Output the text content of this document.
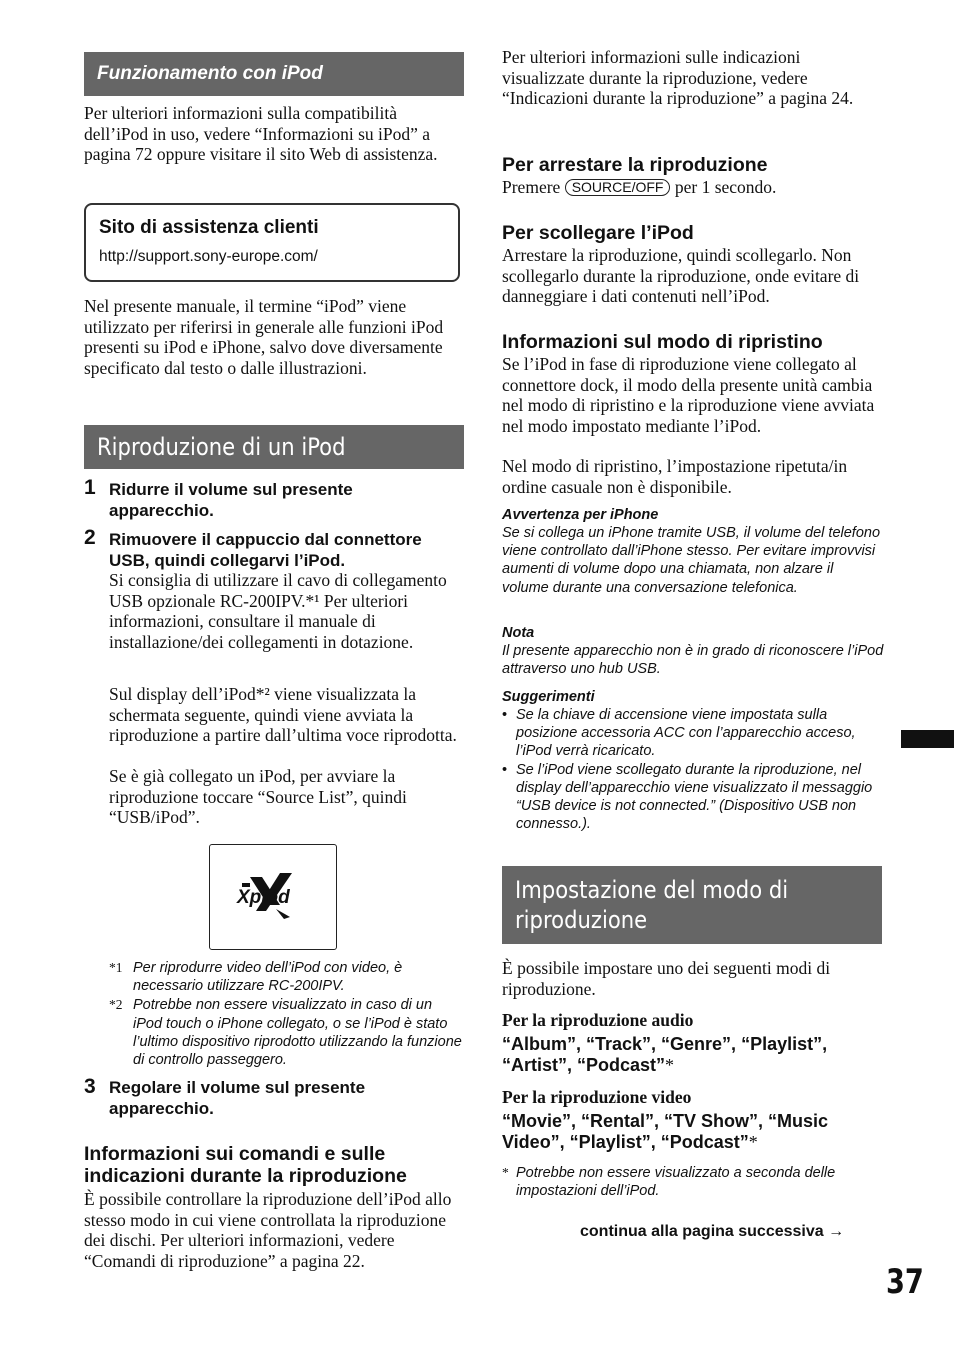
Funzionamento con iPod
Per ulteriori informazioni sulla compatibilità dell’iPod in uso, vedere “Informazioni su iPod” a pagina 72 oppure visitare il sito Web di assistenza.
Sito di assistenza clienti
http://support.sony-europe.com/
Nel presente manuale, il termine “iPod” viene utilizzato per riferirsi in generale alle funzioni iPod presenti su iPod e iPhone, salvo dove diversamente specificato dal testo o dalle illustrazioni.
Riproduzione di un iPod
1 Ridurre il volume sul presente apparecchio.
2 Rimuovere il cappuccio dal connettore USB, quindi collegarvi l’iPod.
Si consiglia di utilizzare il cavo di collegamento USB opzionale RC-200IPV.*¹ Per ulteriori informazioni, consultare il manuale di installazione/dei collegamenti in dotazione.
Sul display dell’iPod*² viene visualizzata la schermata seguente, quindi viene avviata la riproduzione a partire dall’ultima voce riprodotta.
Se è già collegato un iPod, per avviare la riproduzione toccare “Source List”, quindi “USB/iPod”.
Xplōd
*1 Per riprodurre video dell’iPod con video, è necessario utilizzare RC-200IPV.
*2 Potrebbe non essere visualizzato in caso di un iPod touch o iPhone collegato, o se l’iPod è stato l’ultimo dispositivo riprodotto utilizzando la funzione di controllo passeggero.
3 Regolare il volume sul presente apparecchio.
Informazioni sui comandi e sulle indicazioni durante la riproduzione
È possibile controllare la riproduzione dell’iPod allo stesso modo in cui viene controllata la riproduzione dei dischi. Per ulteriori informazioni, vedere “Comandi di riproduzione” a pagina 22.
Per ulteriori informazioni sulle indicazioni visualizzate durante la riproduzione, vedere “Indicazioni durante la riproduzione” a pagina 24.
Per arrestare la riproduzione
Premere SOURCE/OFF per 1 secondo.
Per scollegare l’iPod
Arrestare la riproduzione, quindi scollegarlo. Non scollegarlo durante la riproduzione, onde evitare di danneggiare i dati contenuti nell’iPod.
Informazioni sul modo di ripristino
Se l’iPod in fase di riproduzione viene collegato al connettore dock, il modo della presente unità cambia nel modo di ripristino e la riproduzione viene avviata nel modo impostato mediante l’iPod.
Nel modo di ripristino, l’impostazione ripetuta/in ordine casuale non è disponibile.
Avvertenza per iPhone
Se si collega un iPhone tramite USB, il volume del telefono viene controllato dall’iPhone stesso. Per evitare improvvisi aumenti di volume dopo una chiamata, non alzare il volume durante una conversazione telefonica.
Nota
Il presente apparecchio non è in grado di riconoscere l’iPod attraverso uno hub USB.
Suggerimenti
• Se la chiave di accensione viene impostata sulla posizione accessoria ACC con l’apparecchio acceso, l’iPod verrà ricaricato.
• Se l’iPod viene scollegato durante la riproduzione, nel display dell’apparecchio viene visualizzato il messaggio “USB device is not connected.” (Dispositivo USB non connesso.).
Impostazione del modo di
riproduzione
È possibile impostare uno dei seguenti modi di riproduzione.
Per la riproduzione audio
“Album”, “Track”, “Genre”, “Playlist”, “Artist”, “Podcast”*
Per la riproduzione video
“Movie”, “Rental”, “TV Show”, “Music Video”, “Playlist”, “Podcast”*
* Potrebbe non essere visualizzato a seconda delle impostazioni dell’iPod.
continua alla pagina successiva →
37
